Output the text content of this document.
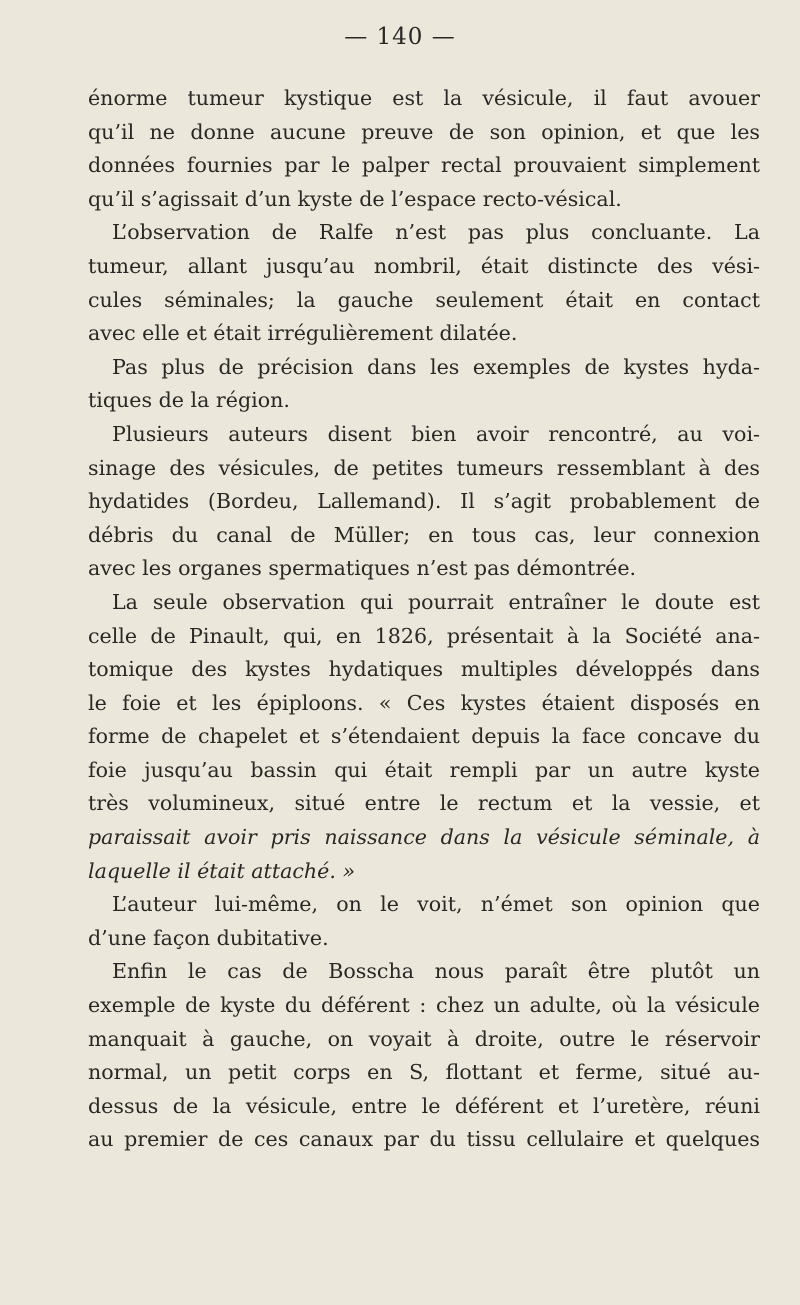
— 140 —
énorme tumeur kystique est la vésicule, il faut avouer
qu’il ne donne aucune preuve de son opinion, et que les
données fournies par le palper rectal prouvaient simplement
qu’il s’agissait d’un kyste de l’espace recto-vésical.
L’observation de Ralfe n’est pas plus concluante. La
tumeur, allant jusqu’au nombril, était distincte des vési-
cules séminales; la gauche seulement était en contact
avec elle et était irrégulièrement dilatée.
Pas plus de précision dans les exemples de kystes hyda-
tiques de la région.
Plusieurs auteurs disent bien avoir rencontré, au voi-
sinage des vésicules, de petites tumeurs ressemblant à des
hydatides (Bordeu, Lallemand). Il s’agit probablement de
débris du canal de Müller; en tous cas, leur connexion
avec les organes spermatiques n’est pas démontrée.
La seule observation qui pourrait entraîner le doute est
celle de Pinault, qui, en 1826, présentait à la Société ana-
tomique des kystes hydatiques multiples développés dans
le foie et les épiploons. « Ces kystes étaient disposés en
forme de chapelet et s’étendaient depuis la face concave du
foie jusqu’au bassin qui était rempli par un autre kyste
très volumineux, situé entre le rectum et la vessie, et
paraissait avoir pris naissance dans la vésicule séminale, à
laquelle il était attaché. »
L’auteur lui-même, on le voit, n’émet son opinion que
d’une façon dubitative.
Enfin le cas de Bosscha nous paraît être plutôt un
exemple de kyste du déférent : chez un adulte, où la vésicule
manquait à gauche, on voyait à droite, outre le réservoir
normal, un petit corps en S, flottant et ferme, situé au-
dessus de la vésicule, entre le déférent et l’uretère, réuni
au premier de ces canaux par du tissu cellulaire et quelques
